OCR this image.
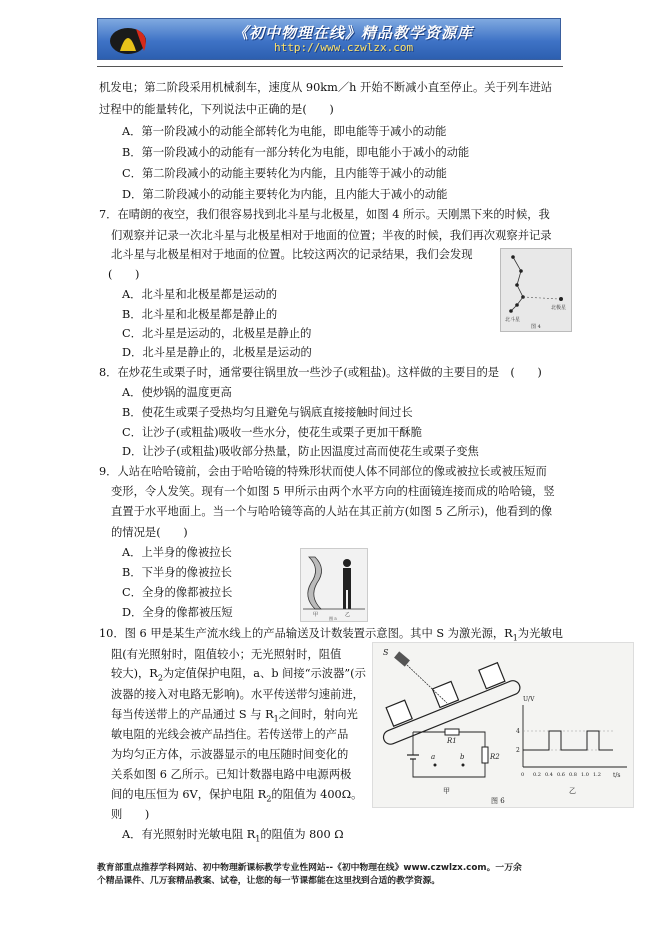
《初中物理在线》精品教学资源库
http://www.czwlzx.com
机发电；第二阶段采用机械刹车，速度从 90km／h 开始不断减小直至停止。关于列车进站
过程中的能量转化，下列说法中正确的是(　　)
A．第一阶段减小的动能全部转化为电能，即电能等于减小的动能
B．第一阶段减小的动能有一部分转化为电能，即电能小于减小的动能
C．第二阶段减小的动能主要转化为内能，且内能等于减小的动能
D．第二阶段减小的动能主要转化为内能，且内能大于减小的动能
7．在晴朗的夜空，我们很容易找到北斗星与北极星，如图 4 所示。天刚黑下来的时候，我
们观察并记录一次北斗星与北极星相对于地面的位置；半夜的时候，我们再次观察并记录
北斗星与北极星相对于地面的位置。比较这两次的记录结果，我们会发现
(　　)
A．北斗星和北极星都是运动的
B．北斗星和北极星都是静止的
C．北斗星是运动的，北极星是静止的
D．北斗星是静止的，北极星是运动的
北斗星
北极星
图 4
8．在炒花生或栗子时，通常要往锅里放一些沙子(或粗盐)。这样做的主要目的是　(　　)
A．使炒锅的温度更高
B．使花生或栗子受热均匀且避免与锅底直接接触时间过长
C．让沙子(或粗盐)吸收一些水分，使花生或栗子更加干酥脆
D．让沙子(或粗盐)吸收部分热量，防止因温度过高而使花生或栗子变焦
9．人站在哈哈镜前，会由于哈哈镜的特殊形状而使人体不同部位的像或被拉长或被压短而
变形，令人发笑。现有一个如图 5 甲所示由两个水平方向的柱面镜连接而成的哈哈镜，竖
直置于水平地面上。当一个与哈哈镜等高的人站在其正前方(如图 5 乙所示)，他看到的像
的情况是(　　)
A．上半身的像被拉长
B．下半身的像被拉长
C．全身的像都被拉长
D．全身的像都被压短	甲	乙
图 5
10．图 6 甲是某生产流水线上的产品输送及计数装置示意图。其中 S 为激光源，$R_1$为光敏电
阻(有光照射时，阻值较小；无光照射时，阻值
较大)，$R_2$为定值保护电阻，a、b 间接“示波器”(示
波器的接入对电路无影响)。水平传送带匀速前进，
每当传送带上的产品通过 S 与 $R_1$之间时，射向光
敏电阻的光线会被产品挡住。若传送带上的产品
为均匀正方体，示波器显示的电压随时间变化的
关系如图 6 乙所示。已知计数器电路中电源两极
间的电压恒为 6V，保护电阻 $R_2$的阻值为 400Ω。
则　　)
A．有光照射时光敏电阻 $R_1$的阻值为 800 Ω
S
R1
R2
a	b
甲
U/V
t/s
4
2
0 0.2 0.4 0.6 0.8 1.0 1.2
乙
图 6
教育部重点推荐学科网站、初中物理新课标教学专业性网站--《初中物理在线》www.czwlzx.com。一万余
个精品课件、几万套精品教案、试卷，让您的每一节课都能在这里找到合适的教学资源。
